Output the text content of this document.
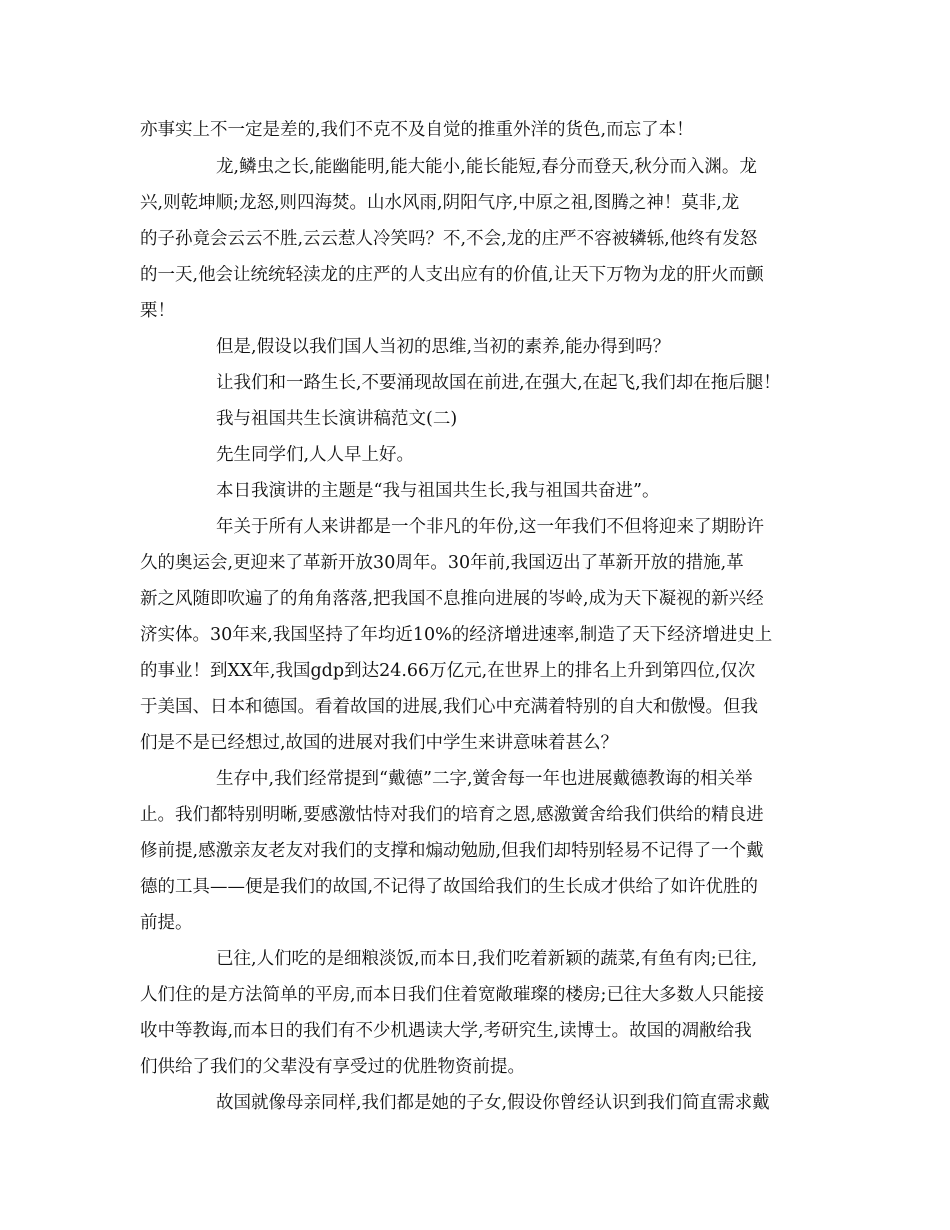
亦事实上不一定是差的,我们不克不及自觉的推重外洋的货色,而忘了本！
龙,鳞虫之长,能幽能明,能大能小,能长能短,春分而登天,秋分而入渊。龙
兴,则乾坤顺;龙怒,则四海焚。山水风雨,阴阳气序,中原之祖,图腾之神！莫非,龙
的子孙竟会云云不胜,云云惹人冷笑吗？不,不会,龙的庄严不容被辚轹,他终有发怒
的一天,他会让统统轻渎龙的庄严的人支出应有的价值,让天下万物为龙的肝火而颤
栗！
但是,假设以我们国人当初的思维,当初的素养,能办得到吗？
让我们和一路生长,不要涌现故国在前进,在强大,在起飞,我们却在拖后腿！
我与祖国共生长演讲稿范文(二)
先生同学们,人人早上好。
本日我演讲的主题是“我与祖国共生长,我与祖国共奋进”。
年关于所有人来讲都是一个非凡的年份,这一年我们不但将迎来了期盼许
久的奥运会,更迎来了革新开放30周年。30年前,我国迈出了革新开放的措施,革
新之风随即吹遍了的角角落落,把我国不息推向进展的岑岭,成为天下凝视的新兴经
济实体。30年来,我国坚持了年均近10%的经济增进速率,制造了天下经济增进史上
的事业！到XX年,我国gdp到达24.66万亿元,在世界上的排名上升到第四位,仅次
于美国、日本和德国。看着故国的进展,我们心中充满着特别的自大和傲慢。但我
们是不是已经想过,故国的进展对我们中学生来讲意味着甚么？
生存中,我们经常提到“戴德”二字,黉舍每一年也进展戴德教诲的相关举
止。我们都特别明晰,要感激怙恃对我们的培育之恩,感激黉舍给我们供给的精良进
修前提,感激亲友老友对我们的支撑和煽动勉励,但我们却特别轻易不记得了一个戴
德的工具——便是我们的故国,不记得了故国给我们的生长成才供给了如许优胜的
前提。
已往,人们吃的是细粮淡饭,而本日,我们吃着新颖的蔬菜,有鱼有肉;已往,
人们住的是方法简单的平房,而本日我们住着宽敞璀璨的楼房;已往大多数人只能接
收中等教诲,而本日的我们有不少机遇读大学,考研究生,读博士。故国的凋敝给我
们供给了我们的父辈没有享受过的优胜物资前提。
故国就像母亲同样,我们都是她的子女,假设你曾经认识到我们简直需求戴
